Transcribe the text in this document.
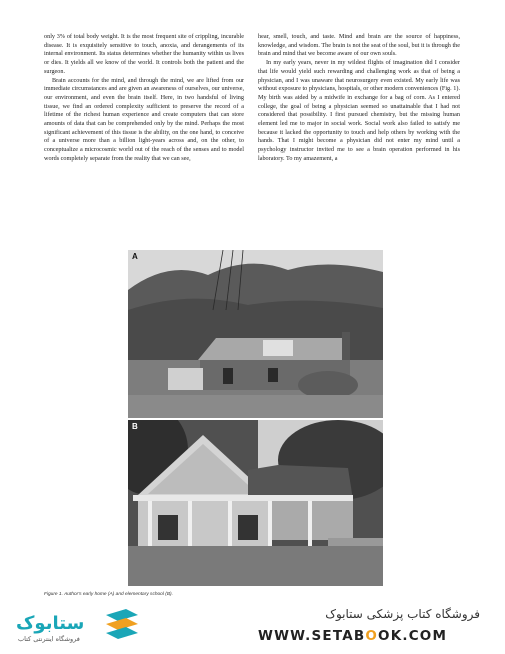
only 3% of total body weight. It is the most frequent site of crippling, incurable disease. It is exquisitely sensitive to touch, anoxia, and derangements of its internal environment. Its status determines whether the humanity within us lives or dies. It yields all we know of the world. It controls both the patient and the surgeon.

Brain accounts for the mind, and through the mind, we are lifted from our immediate circumstances and are given an awareness of ourselves, our universe, our environment, and even the brain itself. Here, in two handsful of living tissue, we find an ordered complexity sufficient to preserve the record of a lifetime of the richest human experience and create computers that can store amounts of data that can be comprehended only by the mind. Perhaps the most significant achievement of this tissue is the ability, on the one hand, to conceive of a universe more than a billion light-years across and, on the other, to conceptualize a microcosmic world out of the reach of the senses and to model words completely separate from the reality that we can see,

hear, smell, touch, and taste. Mind and brain are the source of happiness, knowledge, and wisdom. The brain is not the seat of the soul, but it is through the brain and mind that we become aware of our own souls.

In my early years, never in my wildest flights of imagination did I consider that life would yield such rewarding and challenging work as that of being a physician, and I was unaware that neurosurgery even existed. My early life was without exposure to physicians, hospitals, or other modern conveniences (Fig. 1). My birth was aided by a midwife in exchange for a bag of corn. As I entered college, the goal of being a physician seemed so unattainable that I had not considered that possibility. I first pursued chemistry, but the missing human element led me to major in social work. Social work also failed to satisfy me because it lacked the opportunity to touch and help others by working with the hands. That I might become a physician did not enter my mind until a psychology instructor invited me to see a brain operation performed in his laboratory. To my amazement, a

A
B
Figure 1. Author's early home (A) and elementary school (B).
ستابوک
فروشگاه اینترنتی کتاب
فروشگاه کتاب پزشکی ستابوک
WWW.SETABOOK.COM
